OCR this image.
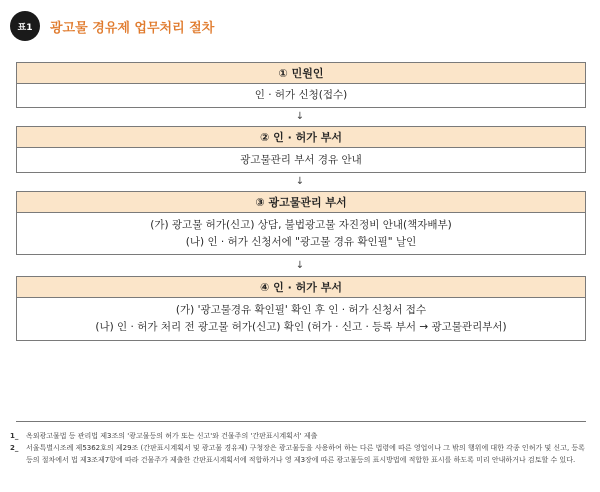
표1	광고물 경유제 업무처리 절차
① 민원인
인 · 허가 신청(접수)
↓
② 인 · 허가 부서
광고물관리 부서 경유 안내
↓
③ 광고물관리 부서
(가) 광고물 허가(신고) 상담, 불법광고물 자진정비 안내(책자배부)
(나) 인 · 허가 신청서에 "광고물 경유 확인필" 날인
↓
④ 인 · 허가 부서
(가) '광고물경유 확인필' 확인 후 인 · 허가 신청서 접수
(나) 인 · 허가 처리 전 광고물 허가(신고) 확인 (허가 · 신고 · 등록 부서 → 광고물관리부서)
1_	옥외광고물법 등 관리법 제3조의 '광고물등의 허가 또는 신고'와 건물주의 '간판표시계획서' 제출
2_	서울특별시조례 제5362호의 제29조 (간판표시계획서 및 광고물 경유제) 구청장은 광고물등을 사용하여 하는 다른 법령에 따른 영업이나 그 밖의 행위에 대한 각종 인허가 및 신고, 등록 등의 절차에서 법 제3조제7항에 따라 건물주가 제출한 간판표시계획서에 적합하거나 영 제3장에 따른 광고물등의 표시방법에 적합한 표시를 하도록 미리 안내하거나 검토할 수 있다.
